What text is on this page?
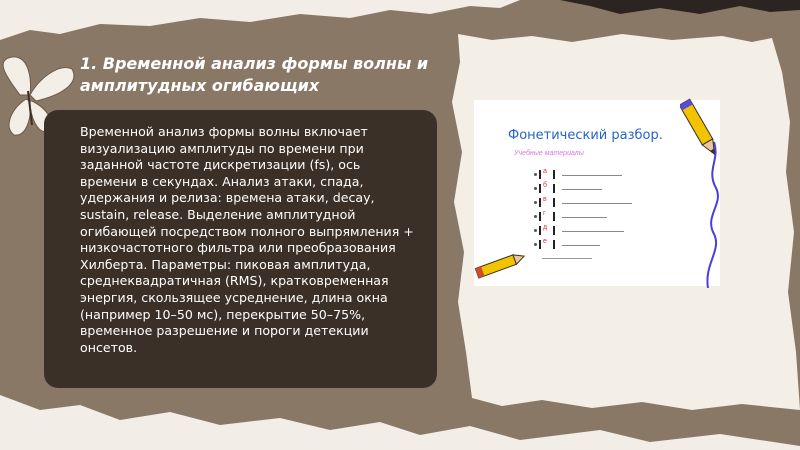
1. Временной анализ формы волны и амплитудных огибающих

Временной анализ формы волны включает визуализацию амплитуды по времени при заданной частоте дискретизации (fs), ось времени в секундах. Анализ атаки, спада, удержания и релиза: времена атаки, decay, sustain, release. Выделение амплитудной огибающей посредством полного выпрямления + низкочастотного фильтра или преобразования Хилберта. Параметры: пиковая амплитуда, среднеквадратичная (RMS), кратковременная энергия, скользящее усреднение, длина окна (например 10–50 мс), перекрытие 50–75%, временное разрешение и пороги детекции онсетов.

Фонетический разбор.
Учебные материалы
а
б
в
г
д
е
